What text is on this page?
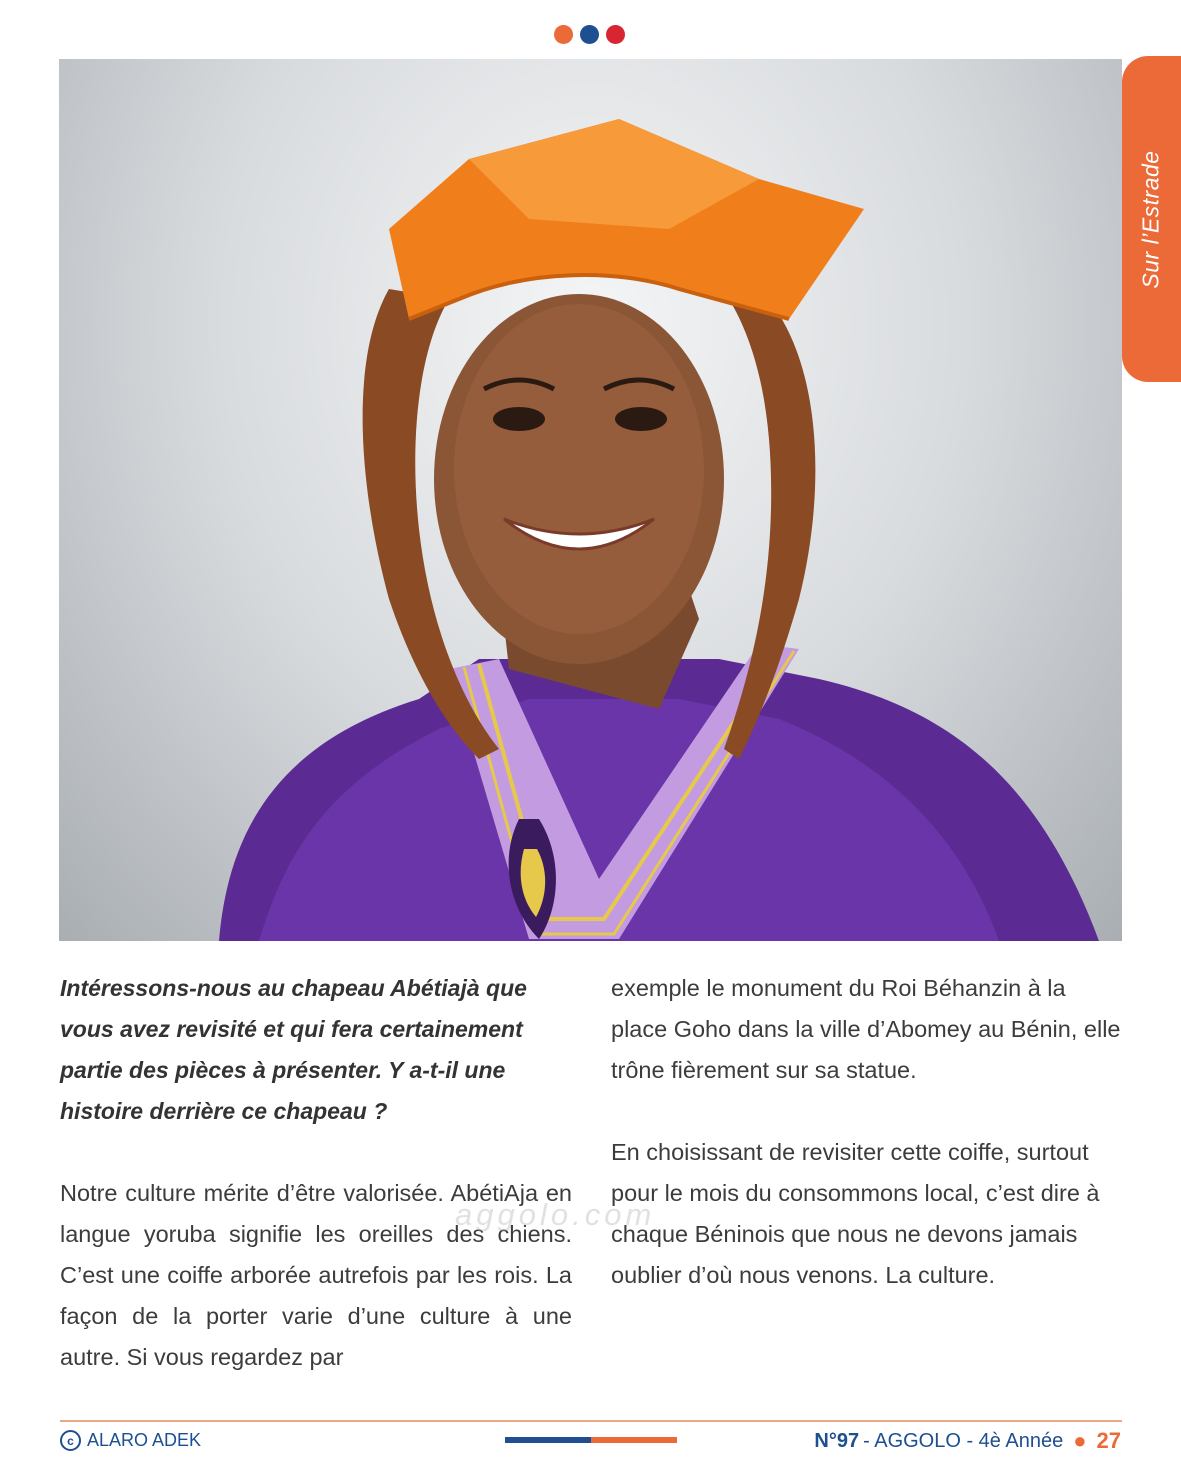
Sur l’Estrade

Intéressons-nous au chapeau Abétiajà que vous avez revisité et qui fera certainement partie des pièces à présenter. Y a-t-il une histoire derrière ce chapeau ?

Notre culture mérite d’être valorisée. AbétiAja en langue yoruba signifie les oreilles des chiens. C’est une coiffe arborée autrefois par les rois. La façon de la porter varie d’une culture à une autre. Si vous regardez par

exemple le monument du Roi Béhanzin à la place Goho dans la ville d’Abomey au Bénin, elle trône fièrement sur sa statue.

En choisissant de revisiter cette coiffe, surtout pour le mois du consommons local, c’est dire à chaque Béninois que nous ne devons jamais oublier d’où nous venons. La culture.

aggolo.com
c ALARO ADEK	N°97 - AGGOLO - 4è Année ● 27
